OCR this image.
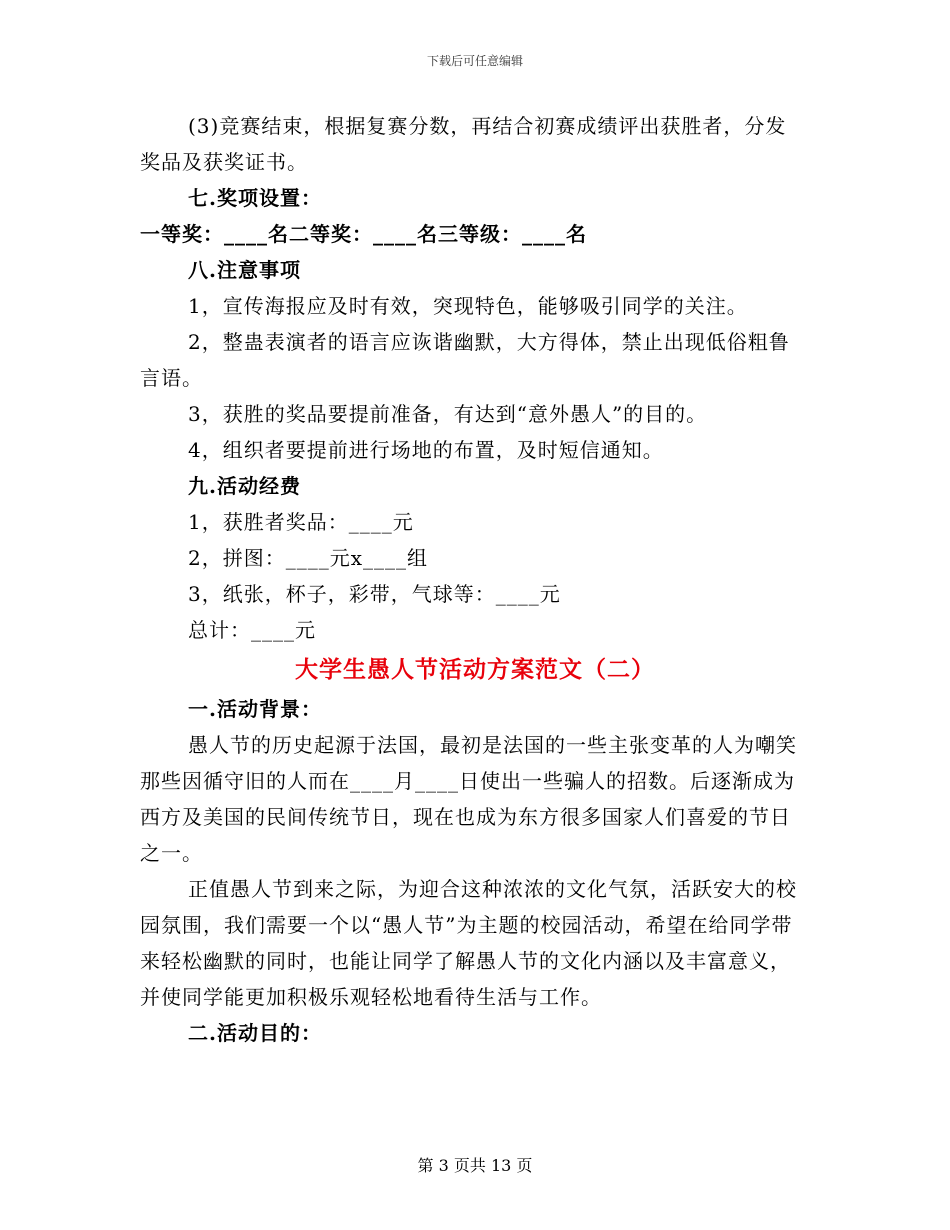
下载后可任意编辑

(3)竞赛结束，根据复赛分数，再结合初赛成绩评出获胜者，分发

奖品及获奖证书。

七.奖项设置：

一等奖：____名二等奖：____名三等级：____名

八.注意事项

1，宣传海报应及时有效，突现特色，能够吸引同学的关注。

2，整蛊表演者的语言应诙谐幽默，大方得体，禁止出现低俗粗鲁

言语。

3，获胜的奖品要提前准备，有达到“意外愚人”的目的。

4，组织者要提前进行场地的布置，及时短信通知。

九.活动经费

1，获胜者奖品：____元

2，拼图：____元x____组

3，纸张，杯子，彩带，气球等：____元

总计：____元

大学生愚人节活动方案范文（二）

一.活动背景：

愚人节的历史起源于法国，最初是法国的一些主张变革的人为嘲笑那些因循守旧的人而在____月____日使出一些骗人的招数。后逐渐成为西方及美国的民间传统节日，现在也成为东方很多国家人们喜爱的节日之一。

正值愚人节到来之际，为迎合这种浓浓的文化气氛，活跃安大的校园氛围，我们需要一个以“愚人节”为主题的校园活动，希望在给同学带来轻松幽默的同时，也能让同学了解愚人节的文化内涵以及丰富意义，并使同学能更加积极乐观轻松地看待生活与工作。

二.活动目的：

第 3 页共 13 页
